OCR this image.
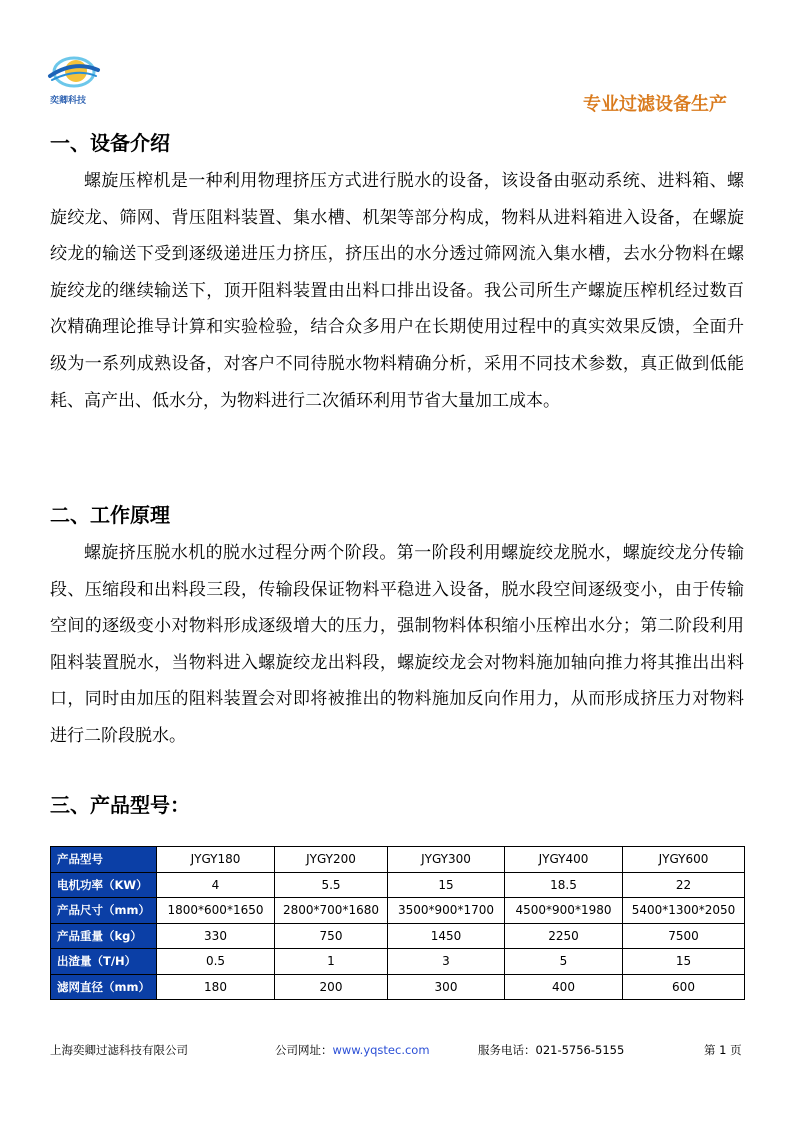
奕卿科技	专业过滤设备生产
一、设备介绍
螺旋压榨机是一种利用物理挤压方式进行脱水的设备，该设备由驱动系统、进料箱、螺旋绞龙、筛网、背压阻料装置、集水槽、机架等部分构成，物料从进料箱进入设备，在螺旋绞龙的输送下受到逐级递进压力挤压，挤压出的水分透过筛网流入集水槽，去水分物料在螺旋绞龙的继续输送下，顶开阻料装置由出料口排出设备。我公司所生产螺旋压榨机经过数百次精确理论推导计算和实验检验，结合众多用户在长期使用过程中的真实效果反馈，全面升级为一系列成熟设备，对客户不同待脱水物料精确分析，采用不同技术参数，真正做到低能耗、高产出、低水分，为物料进行二次循环利用节省大量加工成本。
二、工作原理
螺旋挤压脱水机的脱水过程分两个阶段。第一阶段利用螺旋绞龙脱水，螺旋绞龙分传输段、压缩段和出料段三段，传输段保证物料平稳进入设备，脱水段空间逐级变小，由于传输空间的逐级变小对物料形成逐级增大的压力，强制物料体积缩小压榨出水分；第二阶段利用阻料装置脱水，当物料进入螺旋绞龙出料段，螺旋绞龙会对物料施加轴向推力将其推出出料口，同时由加压的阻料装置会对即将被推出的物料施加反向作用力，从而形成挤压力对物料进行二阶段脱水。
三、产品型号：
产品型号	JYGY180	JYGY200	JYGY300	JYGY400	JYGY600
电机功率（KW）	4	5.5	15	18.5	22
产品尺寸（mm）	1800*600*1650	2800*700*1680	3500*900*1700	4500*900*1980	5400*1300*2050
产品重量（kg）	330	750	1450	2250	7500
出渣量（T/H）	0.5	1	3	5	15
滤网直径（mm）	180	200	300	400	600
上海奕卿过滤科技有限公司	公司网址：www.yqstec.com	服务电话：021-5756-5155	第 1 页
